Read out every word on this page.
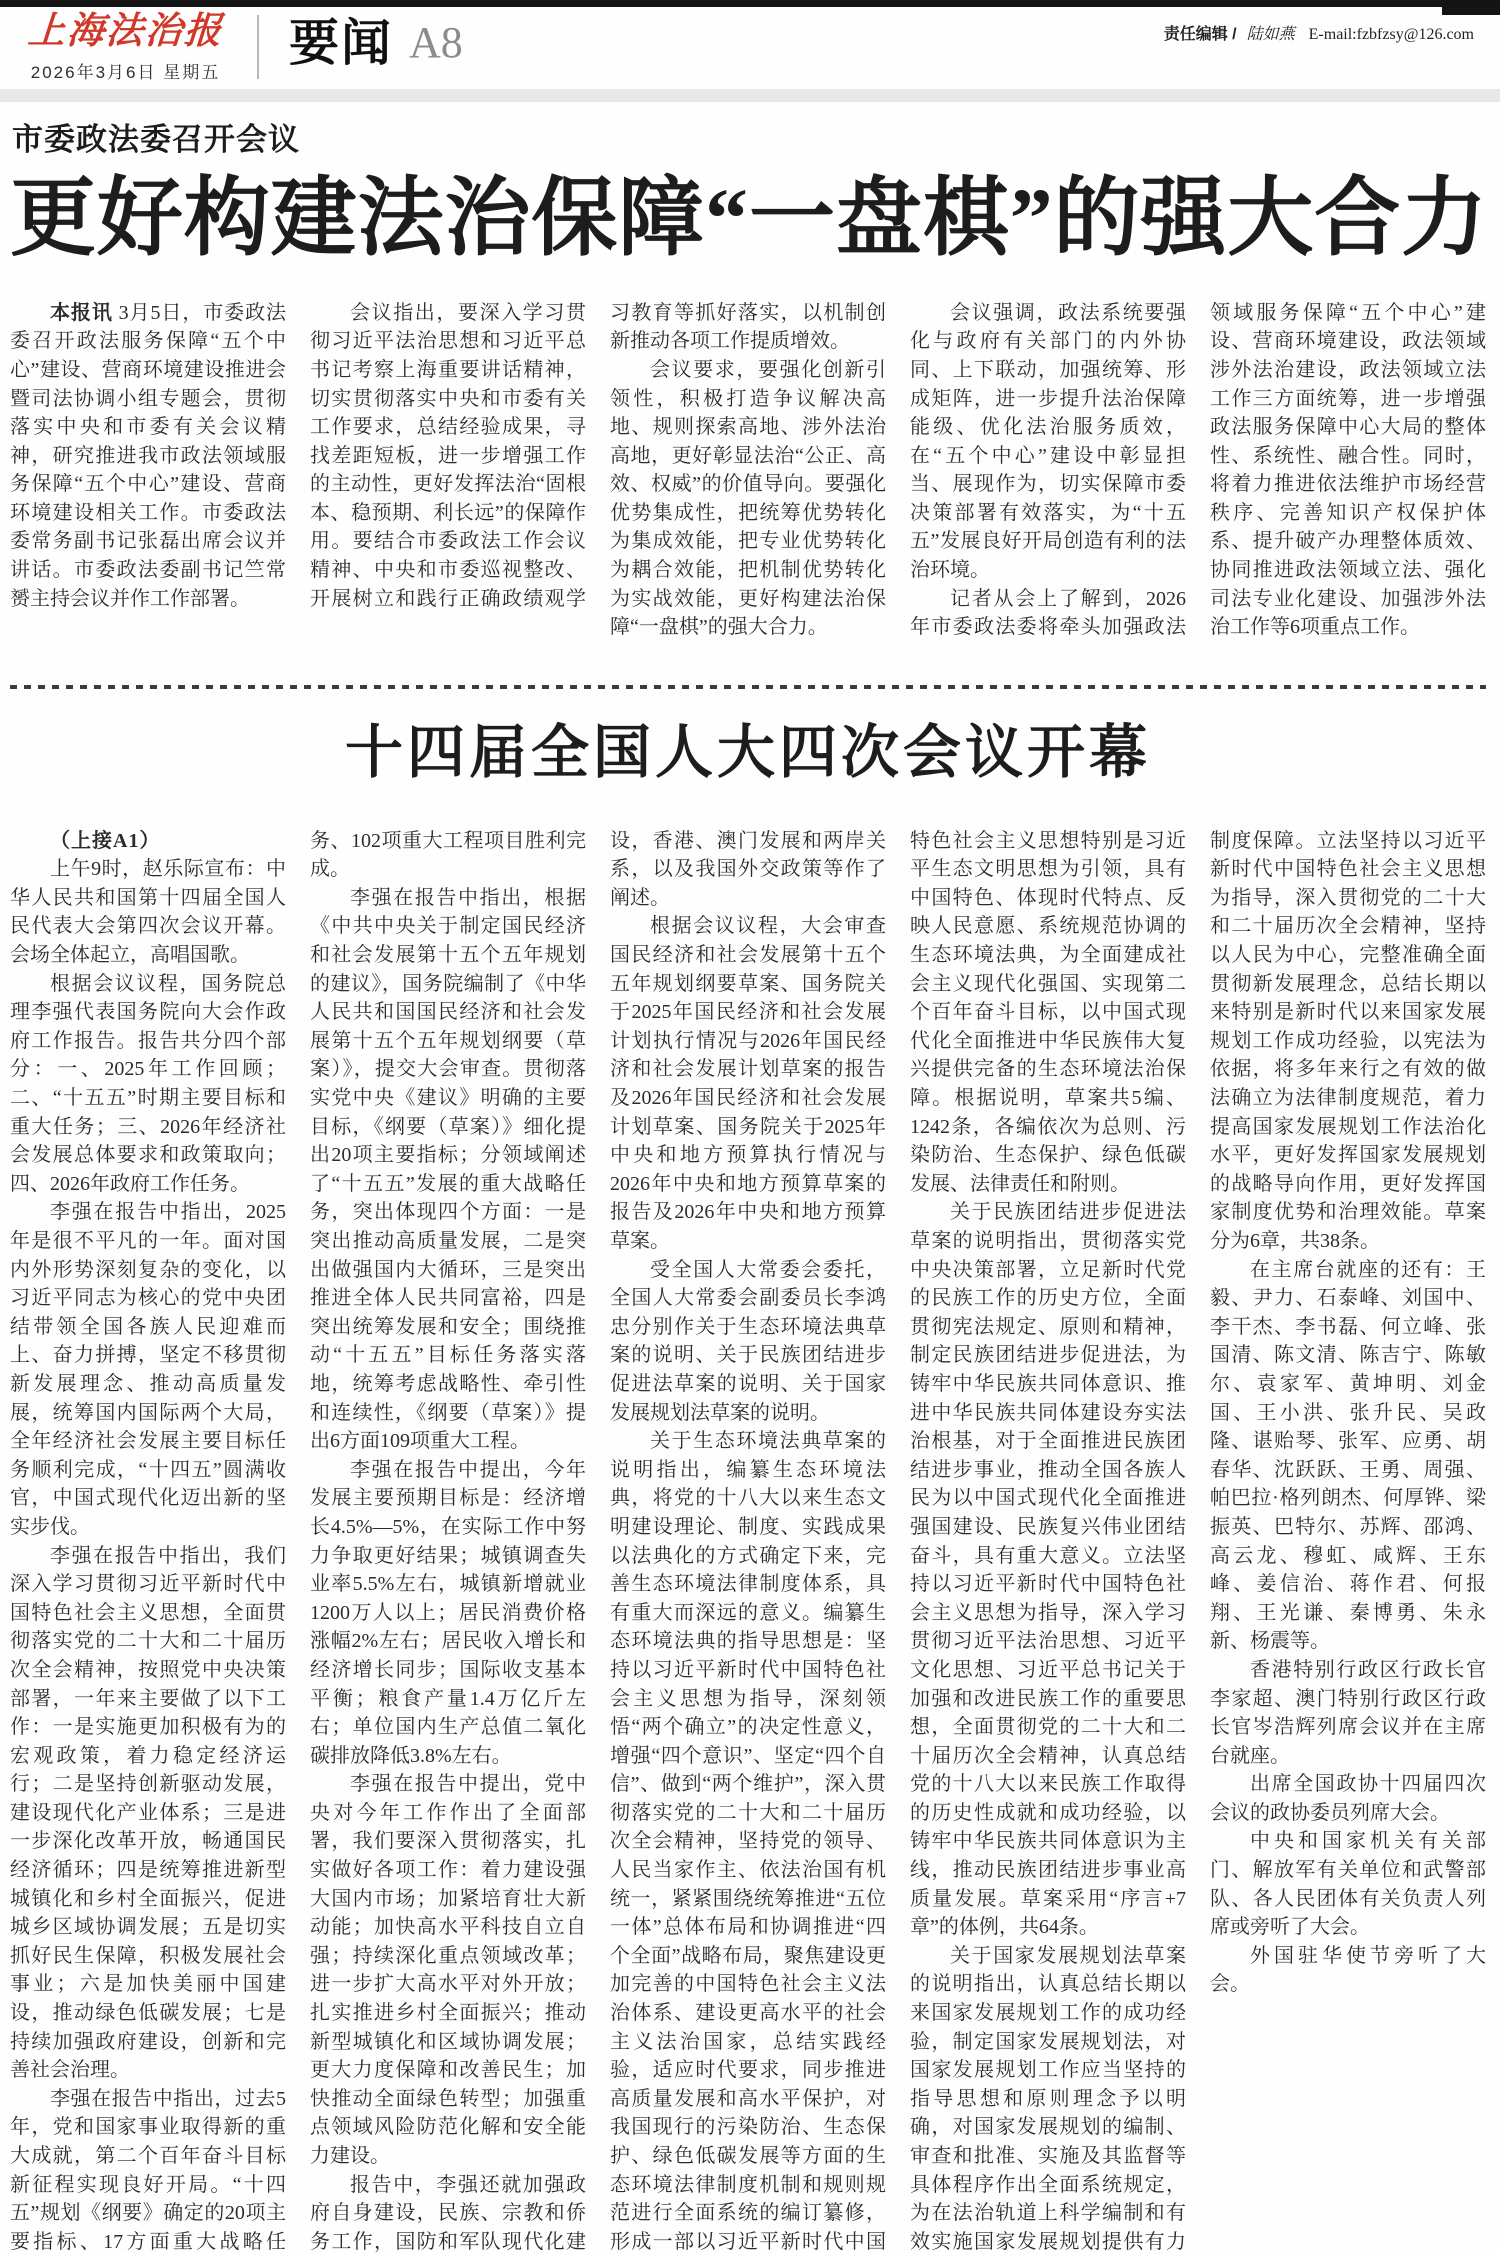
上海法治报
2026年3月6日 星期五
要闻 A8	责任编辑 / 陆如燕 E-mail:fzbfzsy@126.com
市委政法委召开会议
更好构建法治保障“一盘棋”的强大合力

本报讯 3月5日，市委政法委召开政法服务保障“五个中心”建设、营商环境建设推进会暨司法协调小组专题会，贯彻落实中央和市委有关会议精神，研究推进我市政法领域服务保障“五个中心”建设、营商环境建设相关工作。市委政法委常务副书记张磊出席会议并讲话。市委政法委副书记竺常赟主持会议并作工作部署。

会议指出，要深入学习贯彻习近平法治思想和习近平总书记考察上海重要讲话精神，切实贯彻落实中央和市委有关工作要求，总结经验成果，寻找差距短板，进一步增强工作的主动性，更好发挥法治“固根本、稳预期、利长远”的保障作用。要结合市委政法工作会议精神、中央和市委巡视整改、开展树立和践行正确政绩观学习教育等抓好落实，以机制创新推动各项工作提质增效。

会议要求，要强化创新引领性，积极打造争议解决高地、规则探索高地、涉外法治高地，更好彰显法治“公正、高效、权威”的价值导向。要强化优势集成性，把统筹优势转化为集成效能，把专业优势转化为耦合效能，把机制优势转化为实战效能，更好构建法治保障“一盘棋”的强大合力。

会议强调，政法系统要强化与政府有关部门的内外协同、上下联动，加强统筹、形成矩阵，进一步提升法治保障能级、优化法治服务质效，在“五个中心”建设中彰显担当、展现作为，切实保障市委决策部署有效落实，为“十五五”发展良好开局创造有利的法治环境。

记者从会上了解到，2026年市委政法委将牵头加强政法领域服务保障“五个中心”建设、营商环境建设，政法领域涉外法治建设，政法领域立法工作三方面统筹，进一步增强政法服务保障中心大局的整体性、系统性、融合性。同时，将着力推进依法维护市场经营秩序、完善知识产权保护体系、提升破产办理整体质效、协同推进政法领域立法、强化司法专业化建设、加强涉外法治工作等6项重点工作。

十四届全国人大四次会议开幕

（上接A1）

上午9时，赵乐际宣布：中华人民共和国第十四届全国人民代表大会第四次会议开幕。会场全体起立，高唱国歌。

根据会议议程，国务院总理李强代表国务院向大会作政府工作报告。报告共分四个部分：一、2025年工作回顾；二、“十五五”时期主要目标和重大任务；三、2026年经济社会发展总体要求和政策取向；四、2026年政府工作任务。

李强在报告中指出，2025年是很不平凡的一年。面对国内外形势深刻复杂的变化，以习近平同志为核心的党中央团结带领全国各族人民迎难而上、奋力拼搏，坚定不移贯彻新发展理念、推动高质量发展，统筹国内国际两个大局，全年经济社会发展主要目标任务顺利完成，“十四五”圆满收官，中国式现代化迈出新的坚实步伐。

李强在报告中指出，我们深入学习贯彻习近平新时代中国特色社会主义思想，全面贯彻落实党的二十大和二十届历次全会精神，按照党中央决策部署，一年来主要做了以下工作：一是实施更加积极有为的宏观政策，着力稳定经济运行；二是坚持创新驱动发展，建设现代化产业体系；三是进一步深化改革开放，畅通国民经济循环；四是统筹推进新型城镇化和乡村全面振兴，促进城乡区域协调发展；五是切实抓好民生保障，积极发展社会事业；六是加快美丽中国建设，推动绿色低碳发展；七是持续加强政府建设，创新和完善社会治理。

李强在报告中指出，过去5年，党和国家事业取得新的重大成就，第二个百年奋斗目标新征程实现良好开局。“十四五”规划《纲要》确定的20项主要指标、17方面重大战略任务、102项重大工程项目胜利完成。

李强在报告中指出，根据《中共中央关于制定国民经济和社会发展第十五个五年规划的建议》，国务院编制了《中华人民共和国国民经济和社会发展第十五个五年规划纲要（草案）》，提交大会审查。贯彻落实党中央《建议》明确的主要目标，《纲要（草案）》细化提出20项主要指标；分领域阐述了“十五五”发展的重大战略任务，突出体现四个方面：一是突出推动高质量发展，二是突出做强国内大循环，三是突出推进全体人民共同富裕，四是突出统筹发展和安全；围绕推动“十五五”目标任务落实落地，统筹考虑战略性、牵引性和连续性，《纲要（草案）》提出6方面109项重大工程。

李强在报告中提出，今年发展主要预期目标是：经济增长4.5%—5%，在实际工作中努力争取更好结果；城镇调查失业率5.5%左右，城镇新增就业1200万人以上；居民消费价格涨幅2%左右；居民收入增长和经济增长同步；国际收支基本平衡；粮食产量1.4万亿斤左右；单位国内生产总值二氧化碳排放降低3.8%左右。

李强在报告中提出，党中央对今年工作作出了全面部署，我们要深入贯彻落实，扎实做好各项工作：着力建设强大国内市场；加紧培育壮大新动能；加快高水平科技自立自强；持续深化重点领域改革；进一步扩大高水平对外开放；扎实推进乡村全面振兴；推动新型城镇化和区域协调发展；更大力度保障和改善民生；加快推动全面绿色转型；加强重点领域风险防范化解和安全能力建设。

报告中，李强还就加强政府自身建设，民族、宗教和侨务工作，国防和军队现代化建设，香港、澳门发展和两岸关系，以及我国外交政策等作了阐述。

根据会议议程，大会审查国民经济和社会发展第十五个五年规划纲要草案、国务院关于2025年国民经济和社会发展计划执行情况与2026年国民经济和社会发展计划草案的报告及2026年国民经济和社会发展计划草案、国务院关于2025年中央和地方预算执行情况与2026年中央和地方预算草案的报告及2026年中央和地方预算草案。

受全国人大常委会委托，全国人大常委会副委员长李鸿忠分别作关于生态环境法典草案的说明、关于民族团结进步促进法草案的说明、关于国家发展规划法草案的说明。

关于生态环境法典草案的说明指出，编纂生态环境法典，将党的十八大以来生态文明建设理论、制度、实践成果以法典化的方式确定下来，完善生态环境法律制度体系，具有重大而深远的意义。编纂生态环境法典的指导思想是：坚持以习近平新时代中国特色社会主义思想为指导，深刻领悟“两个确立”的决定性意义，增强“四个意识”、坚定“四个自信”、做到“两个维护”，深入贯彻落实党的二十大和二十届历次全会精神，坚持党的领导、人民当家作主、依法治国有机统一，紧紧围绕统筹推进“五位一体”总体布局和协调推进“四个全面”战略布局，聚焦建设更加完善的中国特色社会主义法治体系、建设更高水平的社会主义法治国家，总结实践经验，适应时代要求，同步推进高质量发展和高水平保护，对我国现行的污染防治、生态保护、绿色低碳发展等方面的生态环境法律制度机制和规则规范进行全面系统的编订纂修，形成一部以习近平新时代中国特色社会主义思想特别是习近平生态文明思想为引领，具有中国特色、体现时代特点、反映人民意愿、系统规范协调的生态环境法典，为全面建成社会主义现代化强国、实现第二个百年奋斗目标，以中国式现代化全面推进中华民族伟大复兴提供完备的生态环境法治保障。根据说明，草案共5编、1242条，各编依次为总则、污染防治、生态保护、绿色低碳发展、法律责任和附则。

关于民族团结进步促进法草案的说明指出，贯彻落实党中央决策部署，立足新时代党的民族工作的历史方位，全面贯彻宪法规定、原则和精神，制定民族团结进步促进法，为铸牢中华民族共同体意识、推进中华民族共同体建设夯实法治根基，对于全面推进民族团结进步事业，推动全国各族人民为以中国式现代化全面推进强国建设、民族复兴伟业团结奋斗，具有重大意义。立法坚持以习近平新时代中国特色社会主义思想为指导，深入学习贯彻习近平法治思想、习近平文化思想、习近平总书记关于加强和改进民族工作的重要思想，全面贯彻党的二十大和二十届历次全会精神，认真总结党的十八大以来民族工作取得的历史性成就和成功经验，以铸牢中华民族共同体意识为主线，推动民族团结进步事业高质量发展。草案采用“序言+7章”的体例，共64条。

关于国家发展规划法草案的说明指出，认真总结长期以来国家发展规划工作的成功经验，制定国家发展规划法，对国家发展规划工作应当坚持的指导思想和原则理念予以明确，对国家发展规划的编制、审查和批准、实施及其监督等具体程序作出全面系统规定，为在法治轨道上科学编制和有效实施国家发展规划提供有力制度保障。立法坚持以习近平新时代中国特色社会主义思想为指导，深入贯彻党的二十大和二十届历次全会精神，坚持以人民为中心，完整准确全面贯彻新发展理念，总结长期以来特别是新时代以来国家发展规划工作成功经验，以宪法为依据，将多年来行之有效的做法确立为法律制度规范，着力提高国家发展规划工作法治化水平，更好发挥国家发展规划的战略导向作用，更好发挥国家制度优势和治理效能。草案分为6章，共38条。

在主席台就座的还有：王毅、尹力、石泰峰、刘国中、李干杰、李书磊、何立峰、张国清、陈文清、陈吉宁、陈敏尔、袁家军、黄坤明、刘金国、王小洪、张升民、吴政隆、谌贻琴、张军、应勇、胡春华、沈跃跃、王勇、周强、帕巴拉·格列朗杰、何厚铧、梁振英、巴特尔、苏辉、邵鸿、高云龙、穆虹、咸辉、王东峰、姜信治、蒋作君、何报翔、王光谦、秦博勇、朱永新、杨震等。

香港特别行政区行政长官李家超、澳门特别行政区行政长官岑浩辉列席会议并在主席台就座。

出席全国政协十四届四次会议的政协委员列席大会。

中央和国家机关有关部门、解放军有关单位和武警部队、各人民团体有关负责人列席或旁听了大会。

外国驻华使节旁听了大会。
